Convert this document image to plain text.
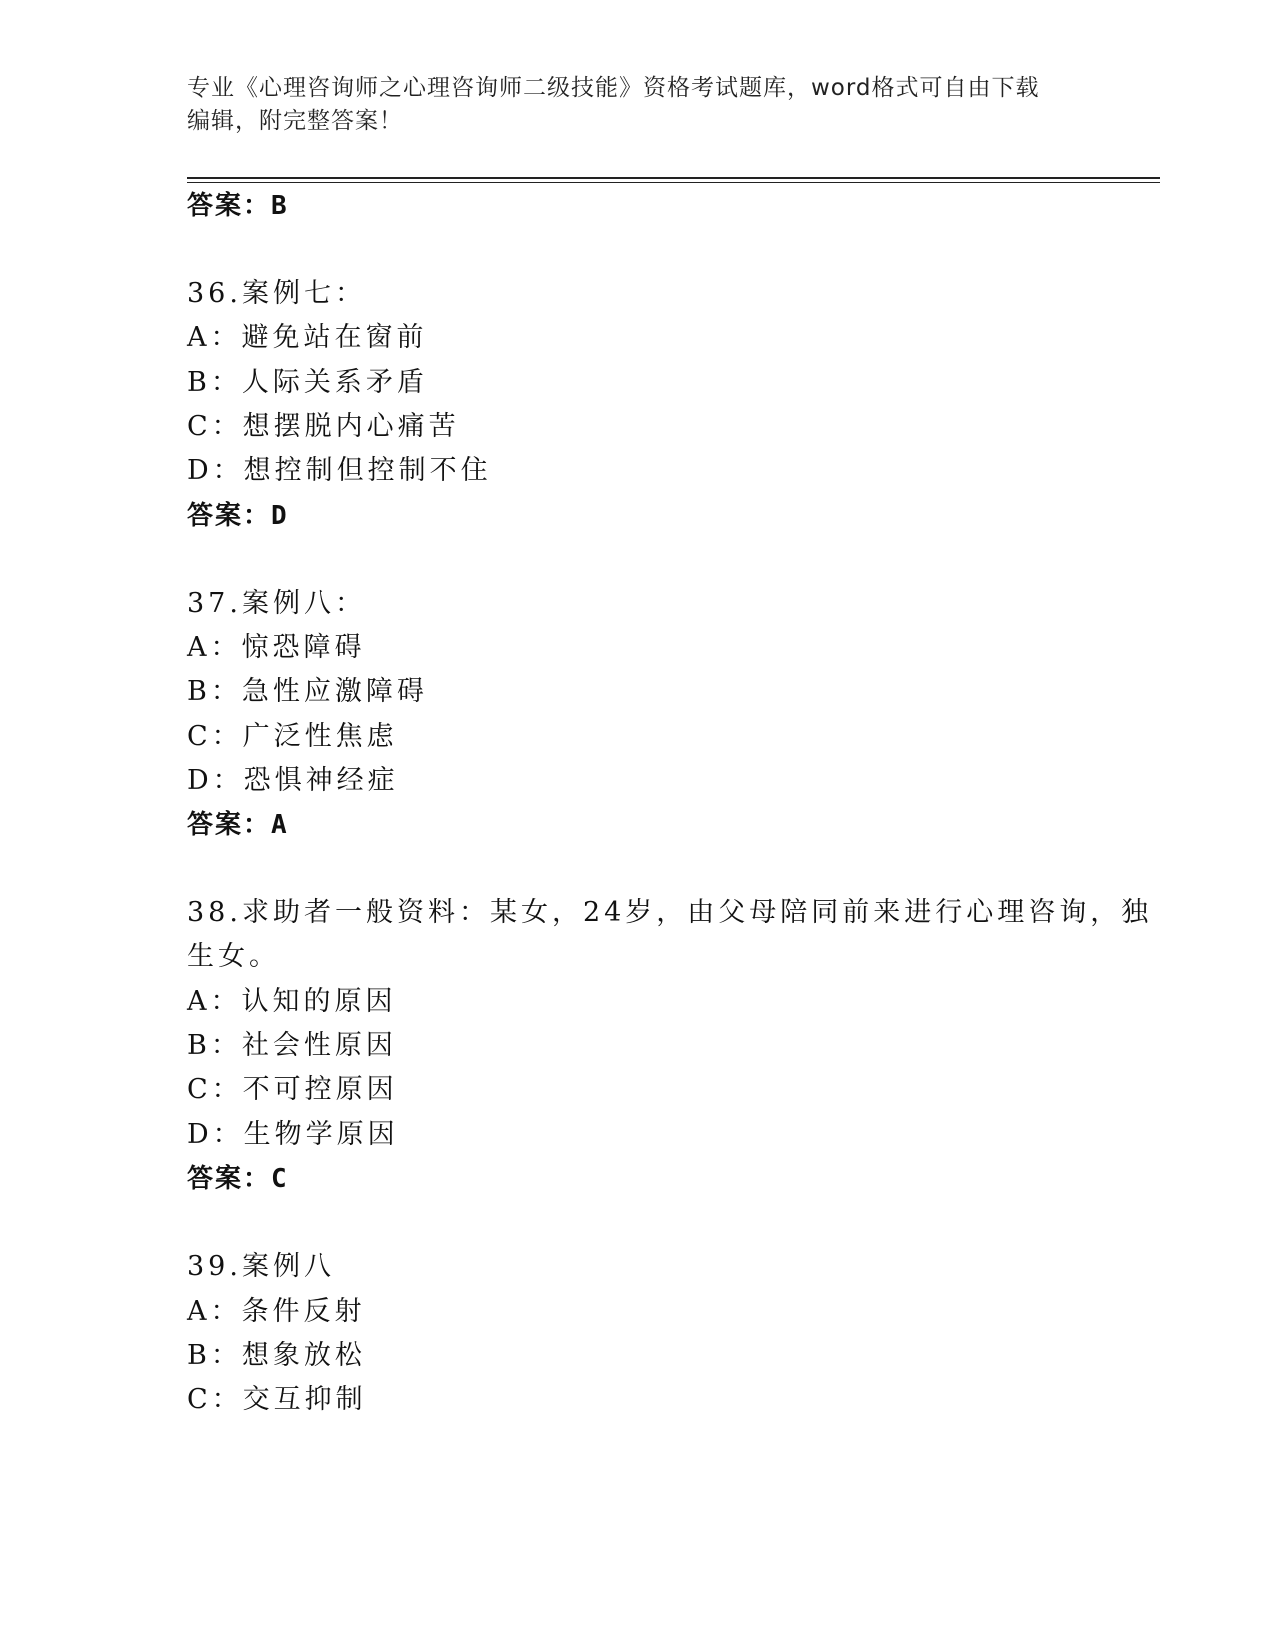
专业《心理咨询师之心理咨询师二级技能》资格考试题库，word格式可自由下载
编辑，附完整答案！
答案：B
36.案例七：
A：避免站在窗前
B：人际关系矛盾
C：想摆脱内心痛苦
D：想控制但控制不住
答案：D
37.案例八：
A：惊恐障碍
B：急性应激障碍
C：广泛性焦虑
D：恐惧神经症
答案：A
38.求助者一般资料：某女，24岁，由父母陪同前来进行心理咨询，独
生女。
A：认知的原因
B：社会性原因
C：不可控原因
D：生物学原因
答案：C
39.案例八
A：条件反射
B：想象放松
C：交互抑制
